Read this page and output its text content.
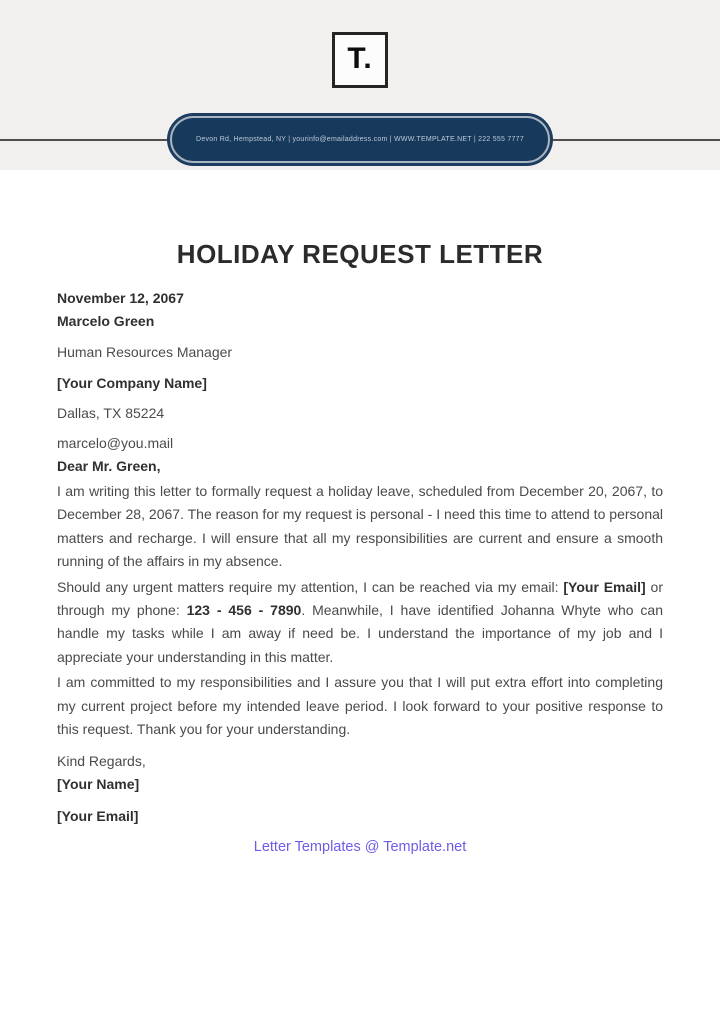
T.
Devon Rd, Hempstead, NY | yourinfo@emailaddress.com | WWW.TEMPLATE.NET | 222 555 7777
HOLIDAY REQUEST LETTER
November 12, 2067
Marcelo Green
Human Resources Manager
[Your Company Name]
Dallas, TX 85224
marcelo@you.mail
Dear Mr. Green,

I am writing this letter to formally request a holiday leave, scheduled from December 20, 2067, to December 28, 2067. The reason for my request is personal - I need this time to attend to personal matters and recharge. I will ensure that all my responsibilities are current and ensure a smooth running of the affairs in my absence.

Should any urgent matters require my attention, I can be reached via my email: [Your Email] or through my phone: 123 - 456 - 7890. Meanwhile, I have identified Johanna Whyte who can handle my tasks while I am away if need be. I understand the importance of my job and I appreciate your understanding in this matter.

I am committed to my responsibilities and I assure you that I will put extra effort into completing my current project before my intended leave period. I look forward to your positive response to this request. Thank you for your understanding.

Kind Regards,
[Your Name]
[Your Email]
Letter Templates @ Template.net
